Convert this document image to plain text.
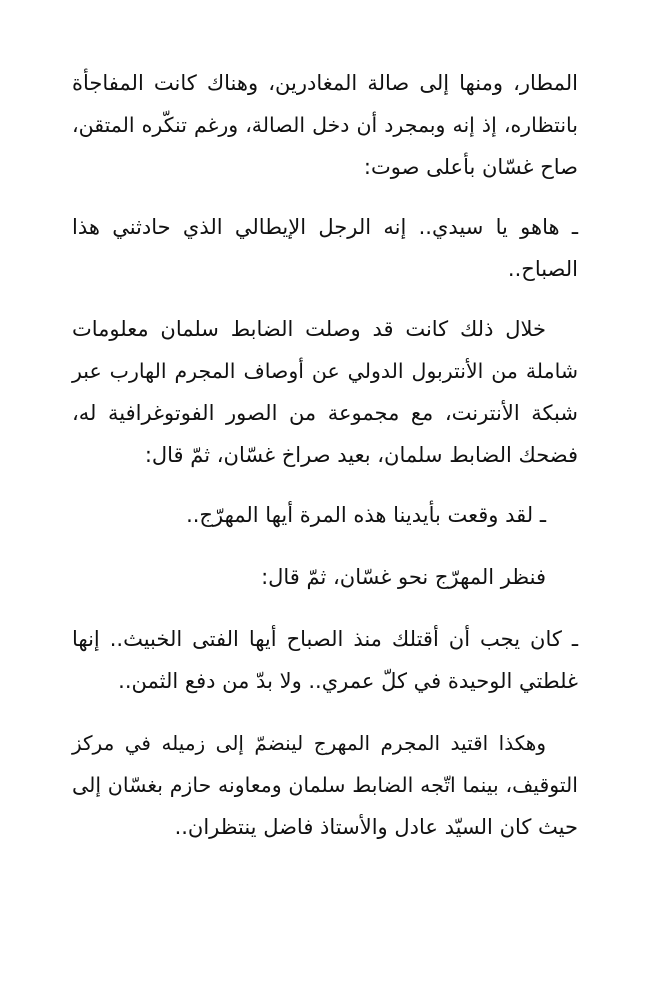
المطار، ومنها إلى صالة المغادرين، وهناك كانت المفاجأة
بانتظاره، إذ إنه وبمجرد أن دخل الصالة، ورغم تنكّره المتقن،
صاح غسّان بأعلى صوت:
ـ هاهو يا سيدي.. إنه الرجل الإيطالي الذي حادثني هذا
الصباح..
خلال ذلك كانت قد وصلت الضابط سلمان معلومات
شاملة من الأنتربول الدولي عن أوصاف المجرم الهارب عبر
شبكة الأنترنت، مع مجموعة من الصور الفوتوغرافية له،
فضحك الضابط سلمان، بعيد صراخ غسّان، ثمّ قال:
ـ لقد وقعت بأيدينا هذه المرة أيها المهرّج..
فنظر المهرّج نحو غسّان، ثمّ قال:
ـ كان يجب أن أقتلك منذ الصباح أيها الفتى الخبيث.. إنها
غلطتي الوحيدة في كلّ عمري.. ولا بدّ من دفع الثمن..
وهكذا اقتيد المجرم المهرج لينضمّ إلى زميله في مركز
التوقيف، بينما اتّجه الضابط سلمان ومعاونه حازم بغسّان إلى
حيث كان السيّد عادل والأستاذ فاضل ينتظران..
